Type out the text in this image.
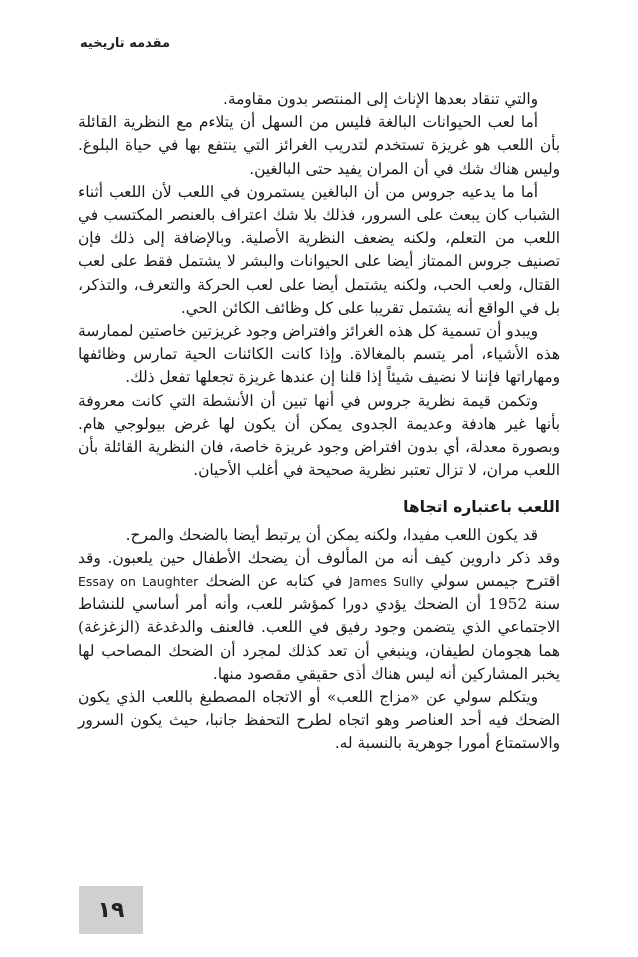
مقدمه تاريخيه

والتي تنقاد بعدها الإناث إلى المنتصر بدون مقاومة.

أما لعب الحيوانات البالغة فليس من السهل أن يتلاءم مع النظرية القائلة بأن اللعب هو غريزة تستخدم لتدريب الغرائز التي ينتفع بها في حياة البلوغ. وليس هناك شك في أن المران يفيد حتى البالغين.

أما ما يدعيه جروس من أن البالغين يستمرون في اللعب لأن اللعب أثناء الشباب كان يبعث على السرور، فذلك بلا شك اعتراف بالعنصر المكتسب في اللعب من التعلم، ولكنه يضعف النظرية الأصلية. وبالإضافة إلى ذلك فإن تصنيف جروس الممتاز أيضا على الحيوانات والبشر لا يشتمل فقط على لعب القتال، ولعب الحب، ولكنه يشتمل أيضا على لعب الحركة والتعرف، والتذكر، بل في الواقع أنه يشتمل تقريبا على كل وظائف الكائن الحي.

ويبدو أن تسمية كل هذه الغرائز وافتراض وجود غريزتين خاصتين لممارسة هذه الأشياء، أمر يتسم بالمغالاة. وإذا كانت الكائنات الحية تمارس وظائفها ومهاراتها فإننا لا نضيف شيئاً إذا قلنا إن عندها غريزة تجعلها تفعل ذلك.

وتكمن قيمة نظرية جروس في أنها تبين أن الأنشطة التي كانت معروفة بأنها غير هادفة وعديمة الجدوى يمكن أن يكون لها غرض بيولوجي هام. وبصورة معدلة، أي بدون افتراض وجود غريزة خاصة، فان النظرية القائلة بأن اللعب مران، لا تزال تعتبر نظرية صحيحة في أغلب الأحيان.

اللعب باعتباره اتجاها

قد يكون اللعب مفيدا، ولكنه يمكن أن يرتبط أيضا بالضحك والمرح.

وقد ذكر داروين كيف أنه من المألوف أن يضحك الأطفال حين يلعبون. وقد اقترح جيمس سولي James Sully في كتابه عن الضحك Essay on Laughter سنة 1952 أن الضحك يؤدي دورا كمؤشر للعب، وأنه أمر أساسي للنشاط الاجتماعي الذي يتضمن وجود رفيق في اللعب. فالعنف والدغدغة (الزغزغة) هما هجومان لطيفان، وينبغي أن تعد كذلك لمجرد أن الضحك المصاحب لها يخبر المشاركين أنه ليس هناك أذى حقيقي مقصود منها.

ويتكلم سولي عن «مزاج اللعب» أو الاتجاه المصطبغ باللعب الذي يكون الضحك فيه أحد العناصر وهو اتجاه لطرح التحفظ جانبا، حيث يكون السرور والاستمتاع أمورا جوهرية بالنسبة له.

١٩
